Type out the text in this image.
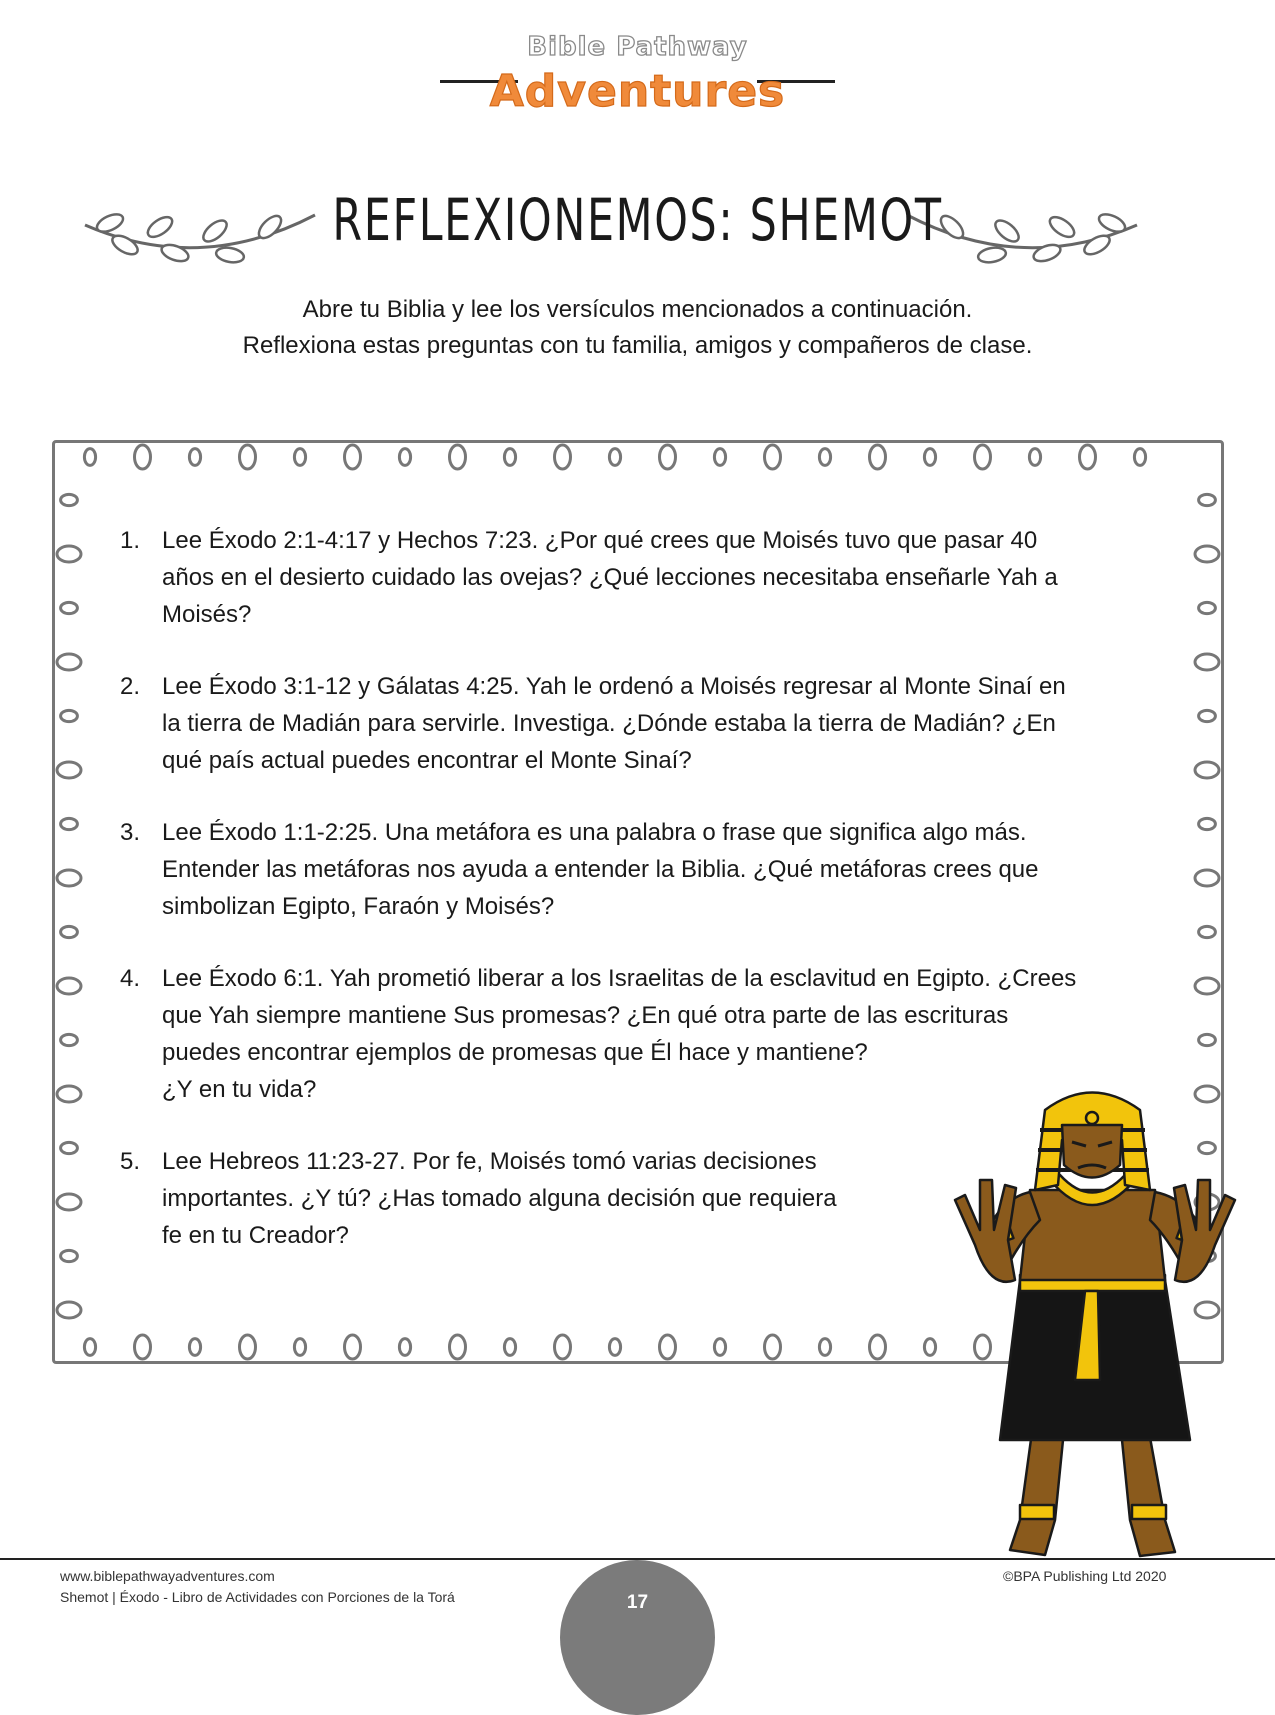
Bible Pathway
Adventures
REFLEXIONEMOS: SHEMOT
Abre tu Biblia y lee los versículos mencionados a continuación.
Reflexiona estas preguntas con tu familia, amigos y compañeros de clase.
1. Lee Éxodo 2:1-4:17 y Hechos 7:23. ¿Por qué crees que Moisés tuvo que pasar 40
años en el desierto cuidado las ovejas? ¿Qué lecciones necesitaba enseñarle Yah a
Moisés?
2. Lee Éxodo 3:1-12 y Gálatas 4:25. Yah le ordenó a Moisés regresar al Monte Sinaí en
la tierra de Madián para servirle. Investiga. ¿Dónde estaba la tierra de Madián? ¿En
qué país actual puedes encontrar el Monte Sinaí?
3. Lee Éxodo 1:1-2:25. Una metáfora es una palabra o frase que significa algo más.
Entender las metáforas nos ayuda a entender la Biblia. ¿Qué metáforas crees que
simbolizan Egipto, Faraón y Moisés?
4. Lee Éxodo 6:1. Yah prometió liberar a los Israelitas de la esclavitud en Egipto. ¿Crees
que Yah siempre mantiene Sus promesas? ¿En qué otra parte de las escrituras
puedes encontrar ejemplos de promesas que Él hace y mantiene?
¿Y en tu vida?
5. Lee Hebreos 11:23-27. Por fe, Moisés tomó varias decisiones
importantes. ¿Y tú? ¿Has tomado alguna decisión que requiera
fe en tu Creador?
www.biblepathwayadventures.com
Shemot | Éxodo - Libro de Actividades con Porciones de la Torá
©BPA Publishing Ltd 2020
17
